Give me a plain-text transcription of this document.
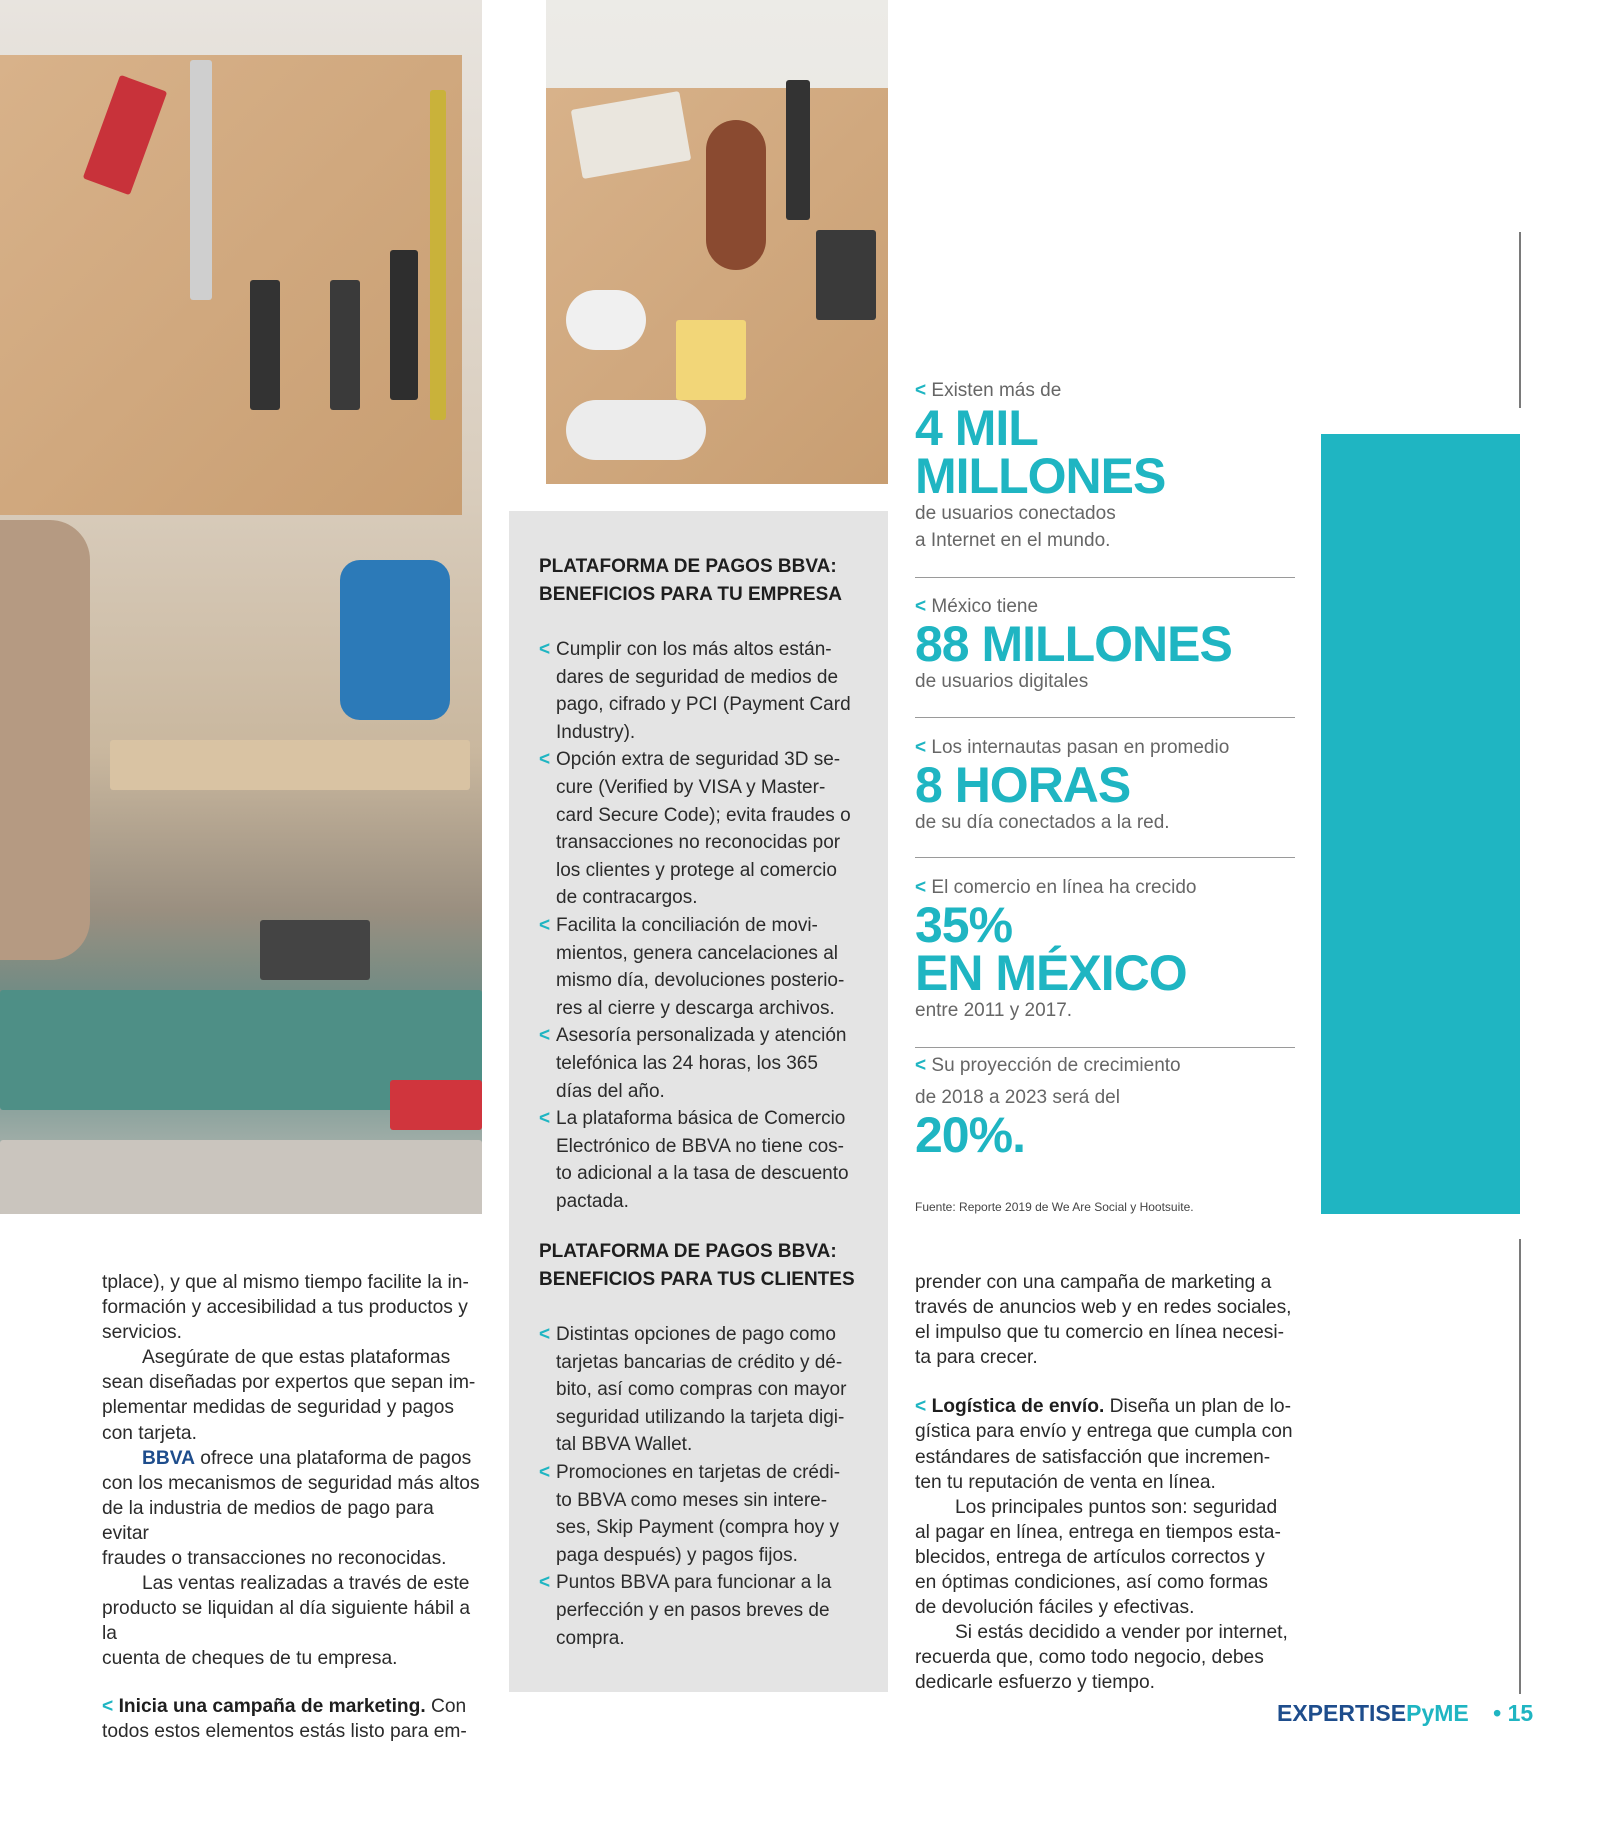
PLATAFORMA DE PAGOS BBVA:
BENEFICIOS PARA TU EMPRESA
< Cumplir con los más altos están-
dares de seguridad de medios de
pago, cifrado y PCI (Payment Card
Industry).
< Opción extra de seguridad 3D se-
cure (Verified by VISA y Master-
card Secure Code); evita fraudes o
transacciones no reconocidas por
los clientes y protege al comercio
de contracargos.
< Facilita la conciliación de movi-
mientos, genera cancelaciones al
mismo día, devoluciones posterio-
res al cierre y descarga archivos.
< Asesoría personalizada y atención
telefónica las 24 horas, los 365
días del año.
< La plataforma básica de Comercio
Electrónico de BBVA no tiene cos-
to adicional a la tasa de descuento
pactada.
PLATAFORMA DE PAGOS BBVA:
BENEFICIOS PARA TUS CLIENTES
< Distintas opciones de pago como
tarjetas bancarias de crédito y dé-
bito, así como compras con mayor
seguridad utilizando la tarjeta digi-
tal BBVA Wallet.
< Promociones en tarjetas de crédi-
to BBVA como meses sin intere-
ses, Skip Payment (compra hoy y
paga después) y pagos fijos.
< Puntos BBVA para funcionar a la
perfección y en pasos breves de
compra.
< Existen más de
4 MIL
MILLONES
de usuarios conectados
a Internet en el mundo.
< México tiene
88 MILLONES
de usuarios digitales
< Los internautas pasan en promedio
8 HORAS
de su día conectados a la red.
< El comercio en línea ha crecido
35%
EN MÉXICO
entre 2011 y 2017.
< Su proyección de crecimiento
de 2018 a 2023 será del
20%.
Fuente: Reporte 2019 de We Are Social y Hootsuite.

tplace), y que al mismo tiempo facilite la in-
formación y accesibilidad a tus productos y
servicios.

Asegúrate de que estas plataformas
sean diseñadas por expertos que sepan im-
plementar medidas de seguridad y pagos
con tarjeta.

BBVA ofrece una plataforma de pagos
con los mecanismos de seguridad más altos
de la industria de medios de pago para evitar
fraudes o transacciones no reconocidas.

Las ventas realizadas a través de este
producto se liquidan al día siguiente hábil a la
cuenta de cheques de tu empresa.

< Inicia una campaña de marketing. Con
todos estos elementos estás listo para em-

prender con una campaña de marketing a
través de anuncios web y en redes sociales,
el impulso que tu comercio en línea necesi-
ta para crecer.

< Logística de envío. Diseña un plan de lo-
gística para envío y entrega que cumpla con
estándares de satisfacción que incremen-
ten tu reputación de venta en línea.

Los principales puntos son: seguridad
al pagar en línea, entrega en tiempos esta-
blecidos, entrega de artículos correctos y
en óptimas condiciones, así como formas
de devolución fáciles y efectivas.

Si estás decidido a vender por internet,
recuerda que, como todo negocio, debes
dedicarle esfuerzo y tiempo.

EXPERTISEPyME • 15
